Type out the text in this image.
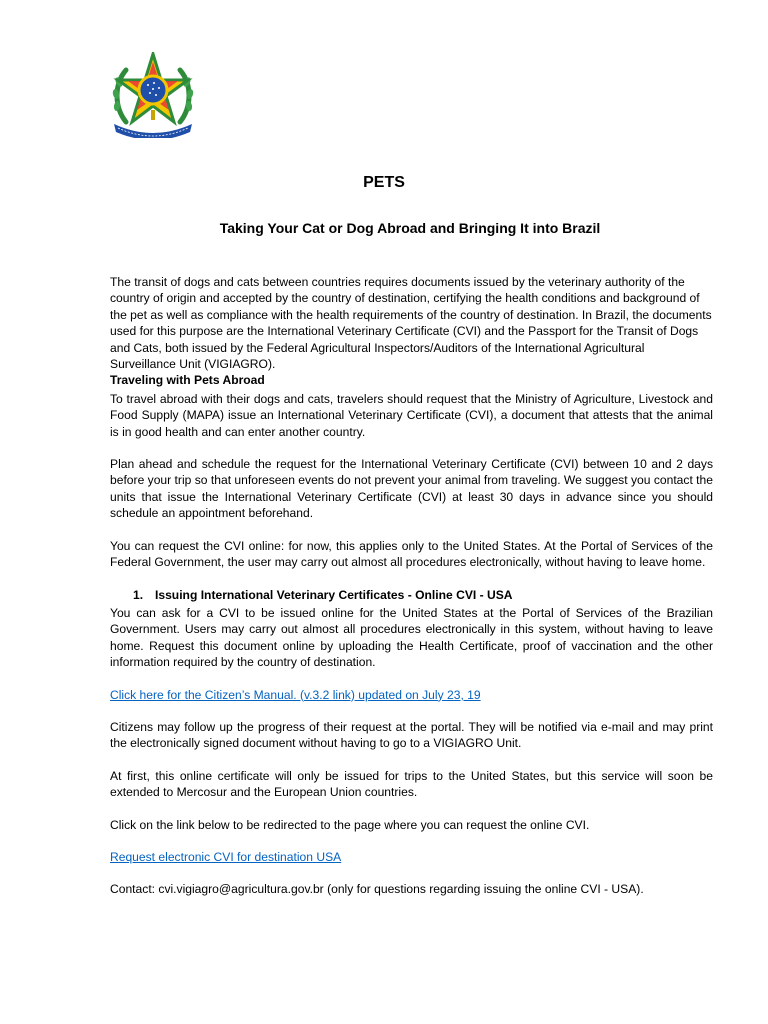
PETS
Taking Your Cat or Dog Abroad and Bringing It into Brazil

The transit of dogs and cats between countries requires documents issued by the veterinary authority of the country of origin and accepted by the country of destination, certifying the health conditions and background of the pet as well as compliance with the health requirements of the country of destination. In Brazil, the documents used for this purpose are the International Veterinary Certificate (CVI) and the Passport for the Transit of Dogs and Cats, both issued by the Federal Agricultural Inspectors/Auditors of the International Agricultural Surveillance Unit (VIGIAGRO).

Traveling with Pets Abroad

To travel abroad with their dogs and cats, travelers should request that the Ministry of Agriculture, Livestock and Food Supply (MAPA) issue an International Veterinary Certificate (CVI), a document that attests that the animal is in good health and can enter another country.

Plan ahead and schedule the request for the International Veterinary Certificate (CVI) between 10 and 2 days before your trip so that unforeseen events do not prevent your animal from traveling. We suggest you contact the units that issue the International Veterinary Certificate (CVI) at least 30 days in advance since you should schedule an appointment beforehand.

You can request the CVI online: for now, this applies only to the United States. At the Portal of Services of the Federal Government, the user may carry out almost all procedures electronically, without having to leave home.

1. Issuing International Veterinary Certificates - Online CVI - USA

You can ask for a CVI to be issued online for the United States at the Portal of Services of the Brazilian Government. Users may carry out almost all procedures electronically in this system, without having to leave home. Request this document online by uploading the Health Certificate, proof of vaccination and the other information required by the country of destination.

Click here for the Citizen’s Manual. (v.3.2 link) updated on July 23, 19

Citizens may follow up the progress of their request at the portal. They will be notified via e-mail and may print the electronically signed document without having to go to a VIGIAGRO Unit.

At first, this online certificate will only be issued for trips to the United States, but this service will soon be extended to Mercosur and the European Union countries.

Click on the link below to be redirected to the page where you can request the online CVI.

Request electronic CVI for destination USA

Contact: cvi.vigiagro@agricultura.gov.br (only for questions regarding issuing the online CVI - USA).
